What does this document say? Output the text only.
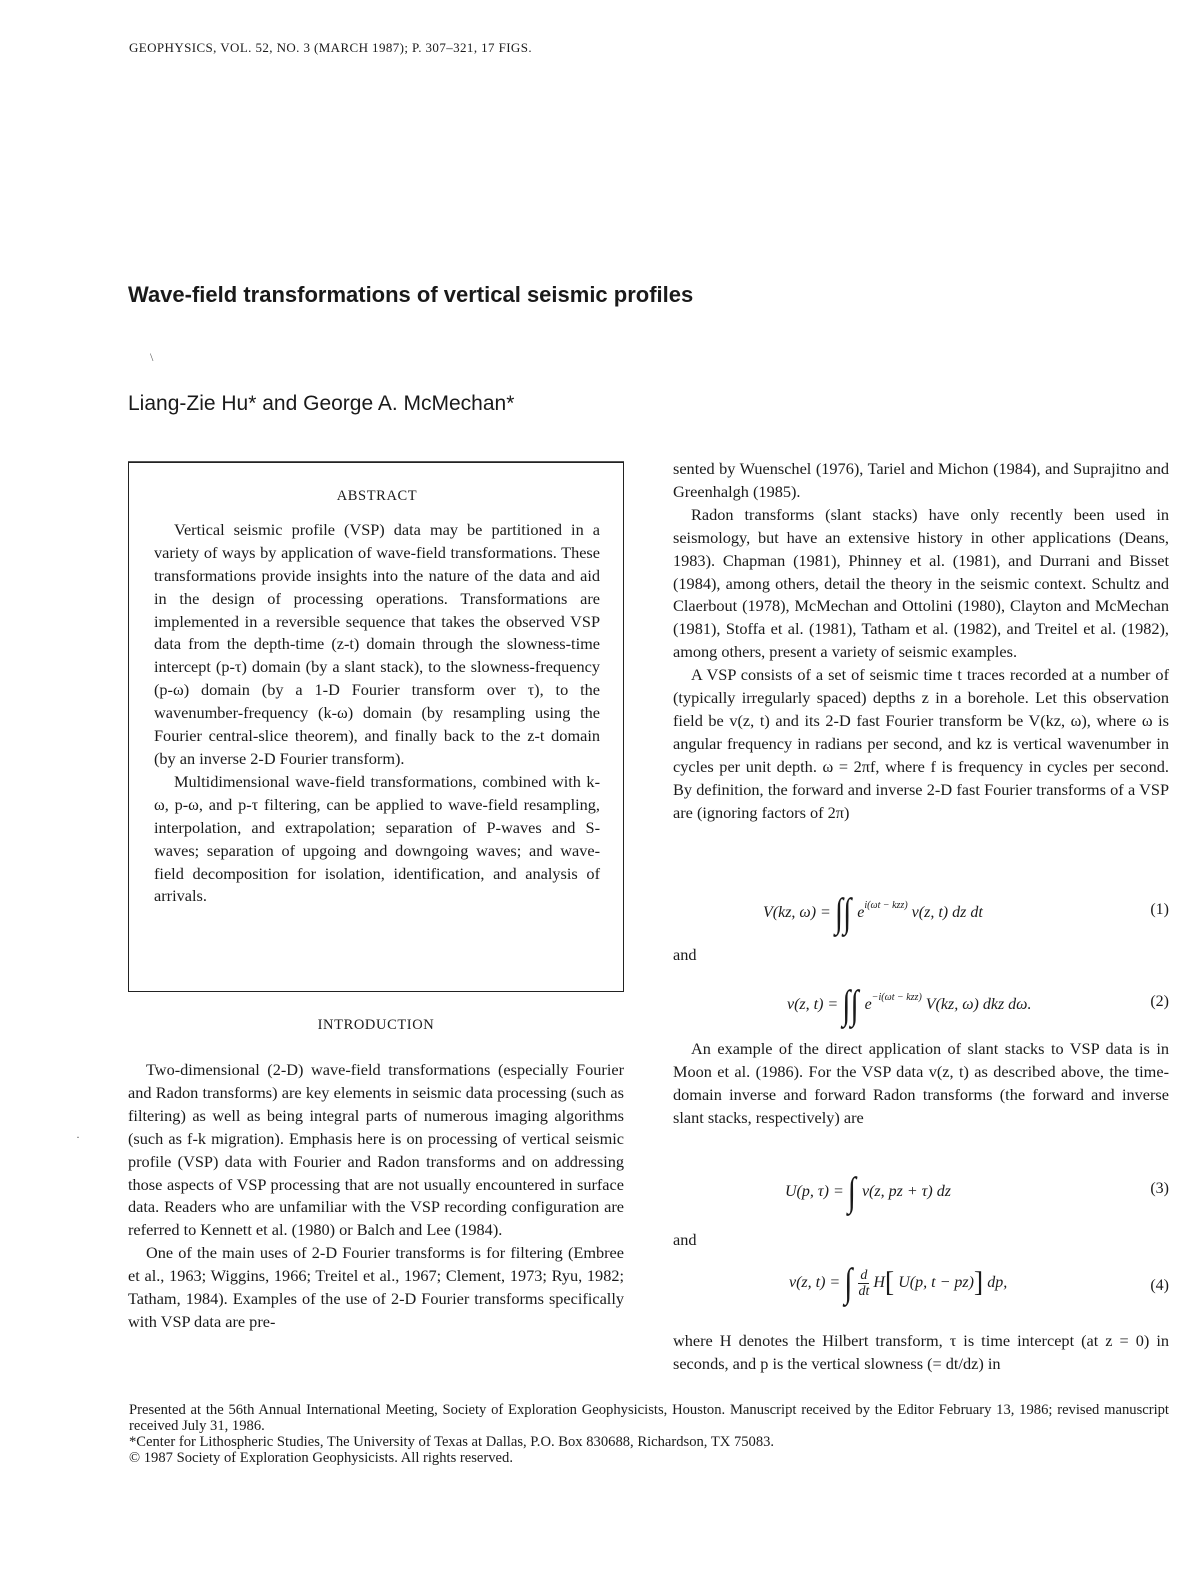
GEOPHYSICS, VOL. 52, NO. 3 (MARCH 1987); P. 307–321, 17 FIGS.
Wave-field transformations of vertical seismic profiles
\
Liang-Zie Hu* and George A. McMechan*
ABSTRACT

Vertical seismic profile (VSP) data may be partitioned in a variety of ways by application of wave-field transformations. These transformations provide insights into the nature of the data and aid in the design of processing operations. Transformations are implemented in a reversible sequence that takes the observed VSP data from the depth-time (z-t) domain through the slowness-time intercept (p-τ) domain (by a slant stack), to the slowness-frequency (p-ω) domain (by a 1-D Fourier transform over τ), to the wavenumber-frequency (k-ω) domain (by resampling using the Fourier central-slice theorem), and finally back to the z-t domain (by an inverse 2-D Fourier transform).

Multidimensional wave-field transformations, combined with k-ω, p-ω, and p-τ filtering, can be applied to wave-field resampling, interpolation, and extrapolation; separation of P-waves and S-waves; separation of upgoing and downgoing waves; and wave-field decomposition for isolation, identification, and analysis of arrivals.

INTRODUCTION

Two-dimensional (2-D) wave-field transformations (especially Fourier and Radon transforms) are key elements in seismic data processing (such as filtering) as well as being integral parts of numerous imaging algorithms (such as f-k migration). Emphasis here is on processing of vertical seismic profile (VSP) data with Fourier and Radon transforms and on addressing those aspects of VSP processing that are not usually encountered in surface data. Readers who are unfamiliar with the VSP recording configuration are referred to Kennett et al. (1980) or Balch and Lee (1984).

One of the main uses of 2-D Fourier transforms is for filtering (Embree et al., 1963; Wiggins, 1966; Treitel et al., 1967; Clement, 1973; Ryu, 1982; Tatham, 1984). Examples of the use of 2-D Fourier transforms specifically with VSP data are pre-

sented by Wuenschel (1976), Tariel and Michon (1984), and Suprajitno and Greenhalgh (1985).

Radon transforms (slant stacks) have only recently been used in seismology, but have an extensive history in other applications (Deans, 1983). Chapman (1981), Phinney et al. (1981), and Durrani and Bisset (1984), among others, detail the theory in the seismic context. Schultz and Claerbout (1978), McMechan and Ottolini (1980), Clayton and McMechan (1981), Stoffa et al. (1981), Tatham et al. (1982), and Treitel et al. (1982), among others, present a variety of seismic examples.

A VSP consists of a set of seismic time t traces recorded at a number of (typically irregularly spaced) depths z in a borehole. Let this observation field be v(z, t) and its 2-D fast Fourier transform be V(kz, ω), where ω is angular frequency in radians per second, and kz is vertical wavenumber in cycles per unit depth. ω = 2πf, where f is frequency in cycles per second. By definition, the forward and inverse 2-D fast Fourier transforms of a VSP are (ignoring factors of 2π)

V(kz, ω) = ∫∫ $e^{i(\omega t - kzz)}$ v(z, t) dz dt	(1)
and
v(z, t) = ∫∫ $e^{-i(\omega t - kzz)}$ V(kz, ω) dkz dω.	(2)

An example of the direct application of slant stacks to VSP data is in Moon et al. (1986). For the VSP data v(z, t) as described above, the time-domain inverse and forward Radon transforms (the forward and inverse slant stacks, respectively) are

U(p, τ) = ∫ v(z, pz + τ) dz	(3)
and
v(z, t) = ∫ $\frac{d}{dt} H$[ U(p, t − pz)] dp,	(4)

where H denotes the Hilbert transform, τ is time intercept (at z = 0) in seconds, and p is the vertical slowness (= dt/dz) in

·

Presented at the 56th Annual International Meeting, Society of Exploration Geophysicists, Houston. Manuscript received by the Editor February 13, 1986; revised manuscript received July 31, 1986.

*Center for Lithospheric Studies, The University of Texas at Dallas, P.O. Box 830688, Richardson, TX 75083.

© 1987 Society of Exploration Geophysicists. All rights reserved.
